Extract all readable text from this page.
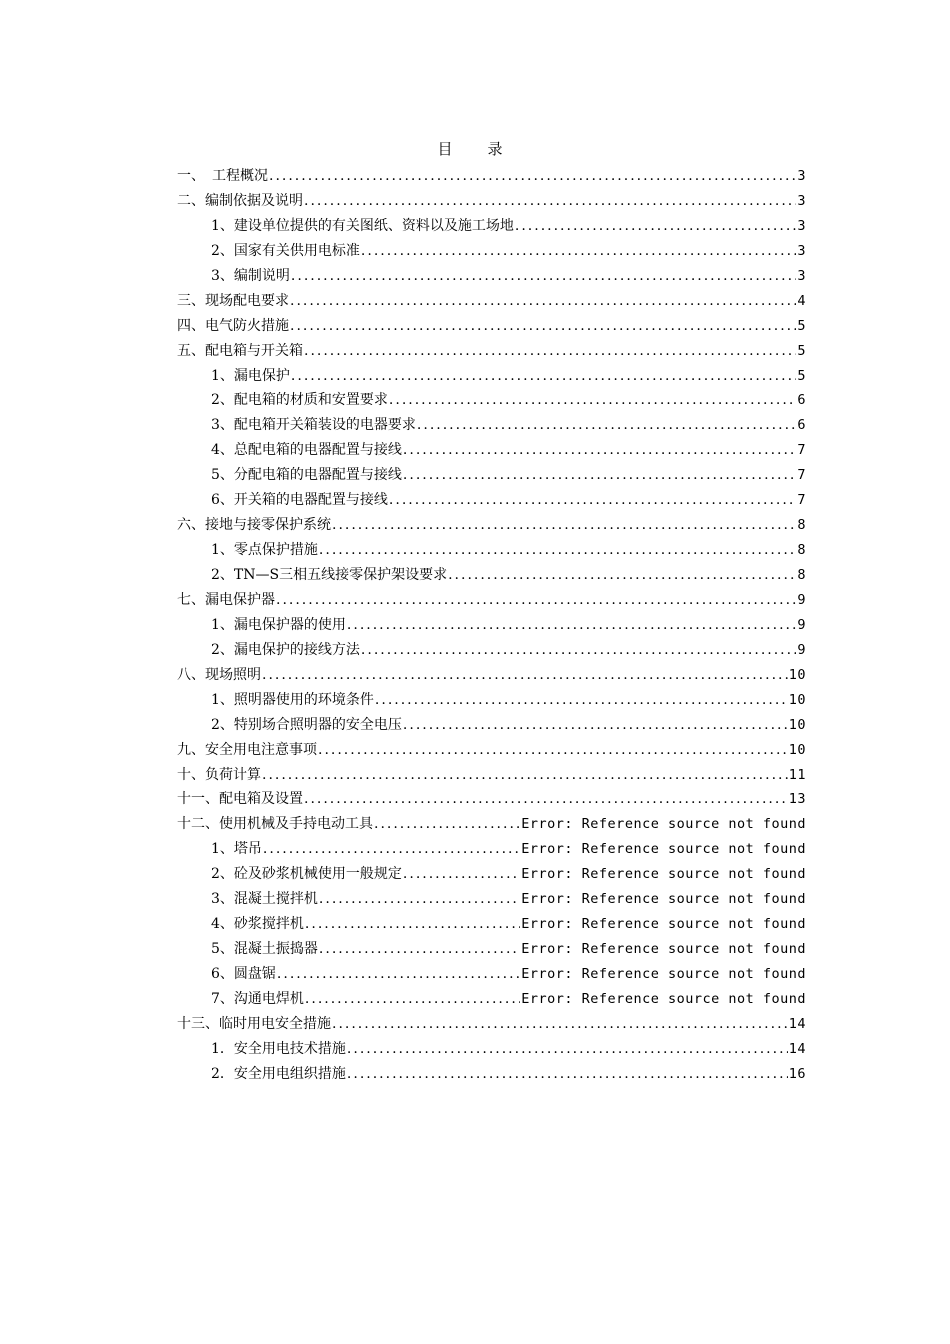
目　录
一、　工程概况 .....	3
二、编制依据及说明 .....	3
1、建设单位提供的有关图纸、资料以及施工场地 .....	3
2、国家有关供用电标准 .....	3
3、编制说明 .....	3
三、现场配电要求 .....	4
四、电气防火措施 .....	5
五、配电箱与开关箱 .....	5
1、漏电保护 .....	5
2、配电箱的材质和安置要求 .....	6
3、配电箱开关箱装设的电器要求 .....	6
4、总配电箱的电器配置与接线 .....	7
5、分配电箱的电器配置与接线 .....	7
6、开关箱的电器配置与接线 .....	7
六、接地与接零保护系统 .....	8
1、零点保护措施 .....	8
2、TN—S三相五线接零保护架设要求 .....	8
七、漏电保护器 .....	9
1、漏电保护器的使用 .....	9
2、漏电保护的接线方法 .....	9
八、现场照明 .....	10
1、照明器使用的环境条件 .....	10
2、特别场合照明器的安全电压 .....	10
九、安全用电注意事项 .....	10
十、负荷计算 .....	11
十一、配电箱及设置 .....	13
十二、使用机械及手持电动工具 .....	Error: Reference source not found
1、塔吊 .....	Error: Reference source not found
2、砼及砂浆机械使用一般规定 .....	Error: Reference source not found
3、混凝土搅拌机 .....	Error: Reference source not found
4、砂浆搅拌机 .....	Error: Reference source not found
5、混凝土振捣器 .....	Error: Reference source not found
6、圆盘锯 .....	Error: Reference source not found
7、沟通电焊机 .....	Error: Reference source not found
十三、临时用电安全措施 .....	14
1．安全用电技术措施 .....	14
2．安全用电组织措施 .....	16
